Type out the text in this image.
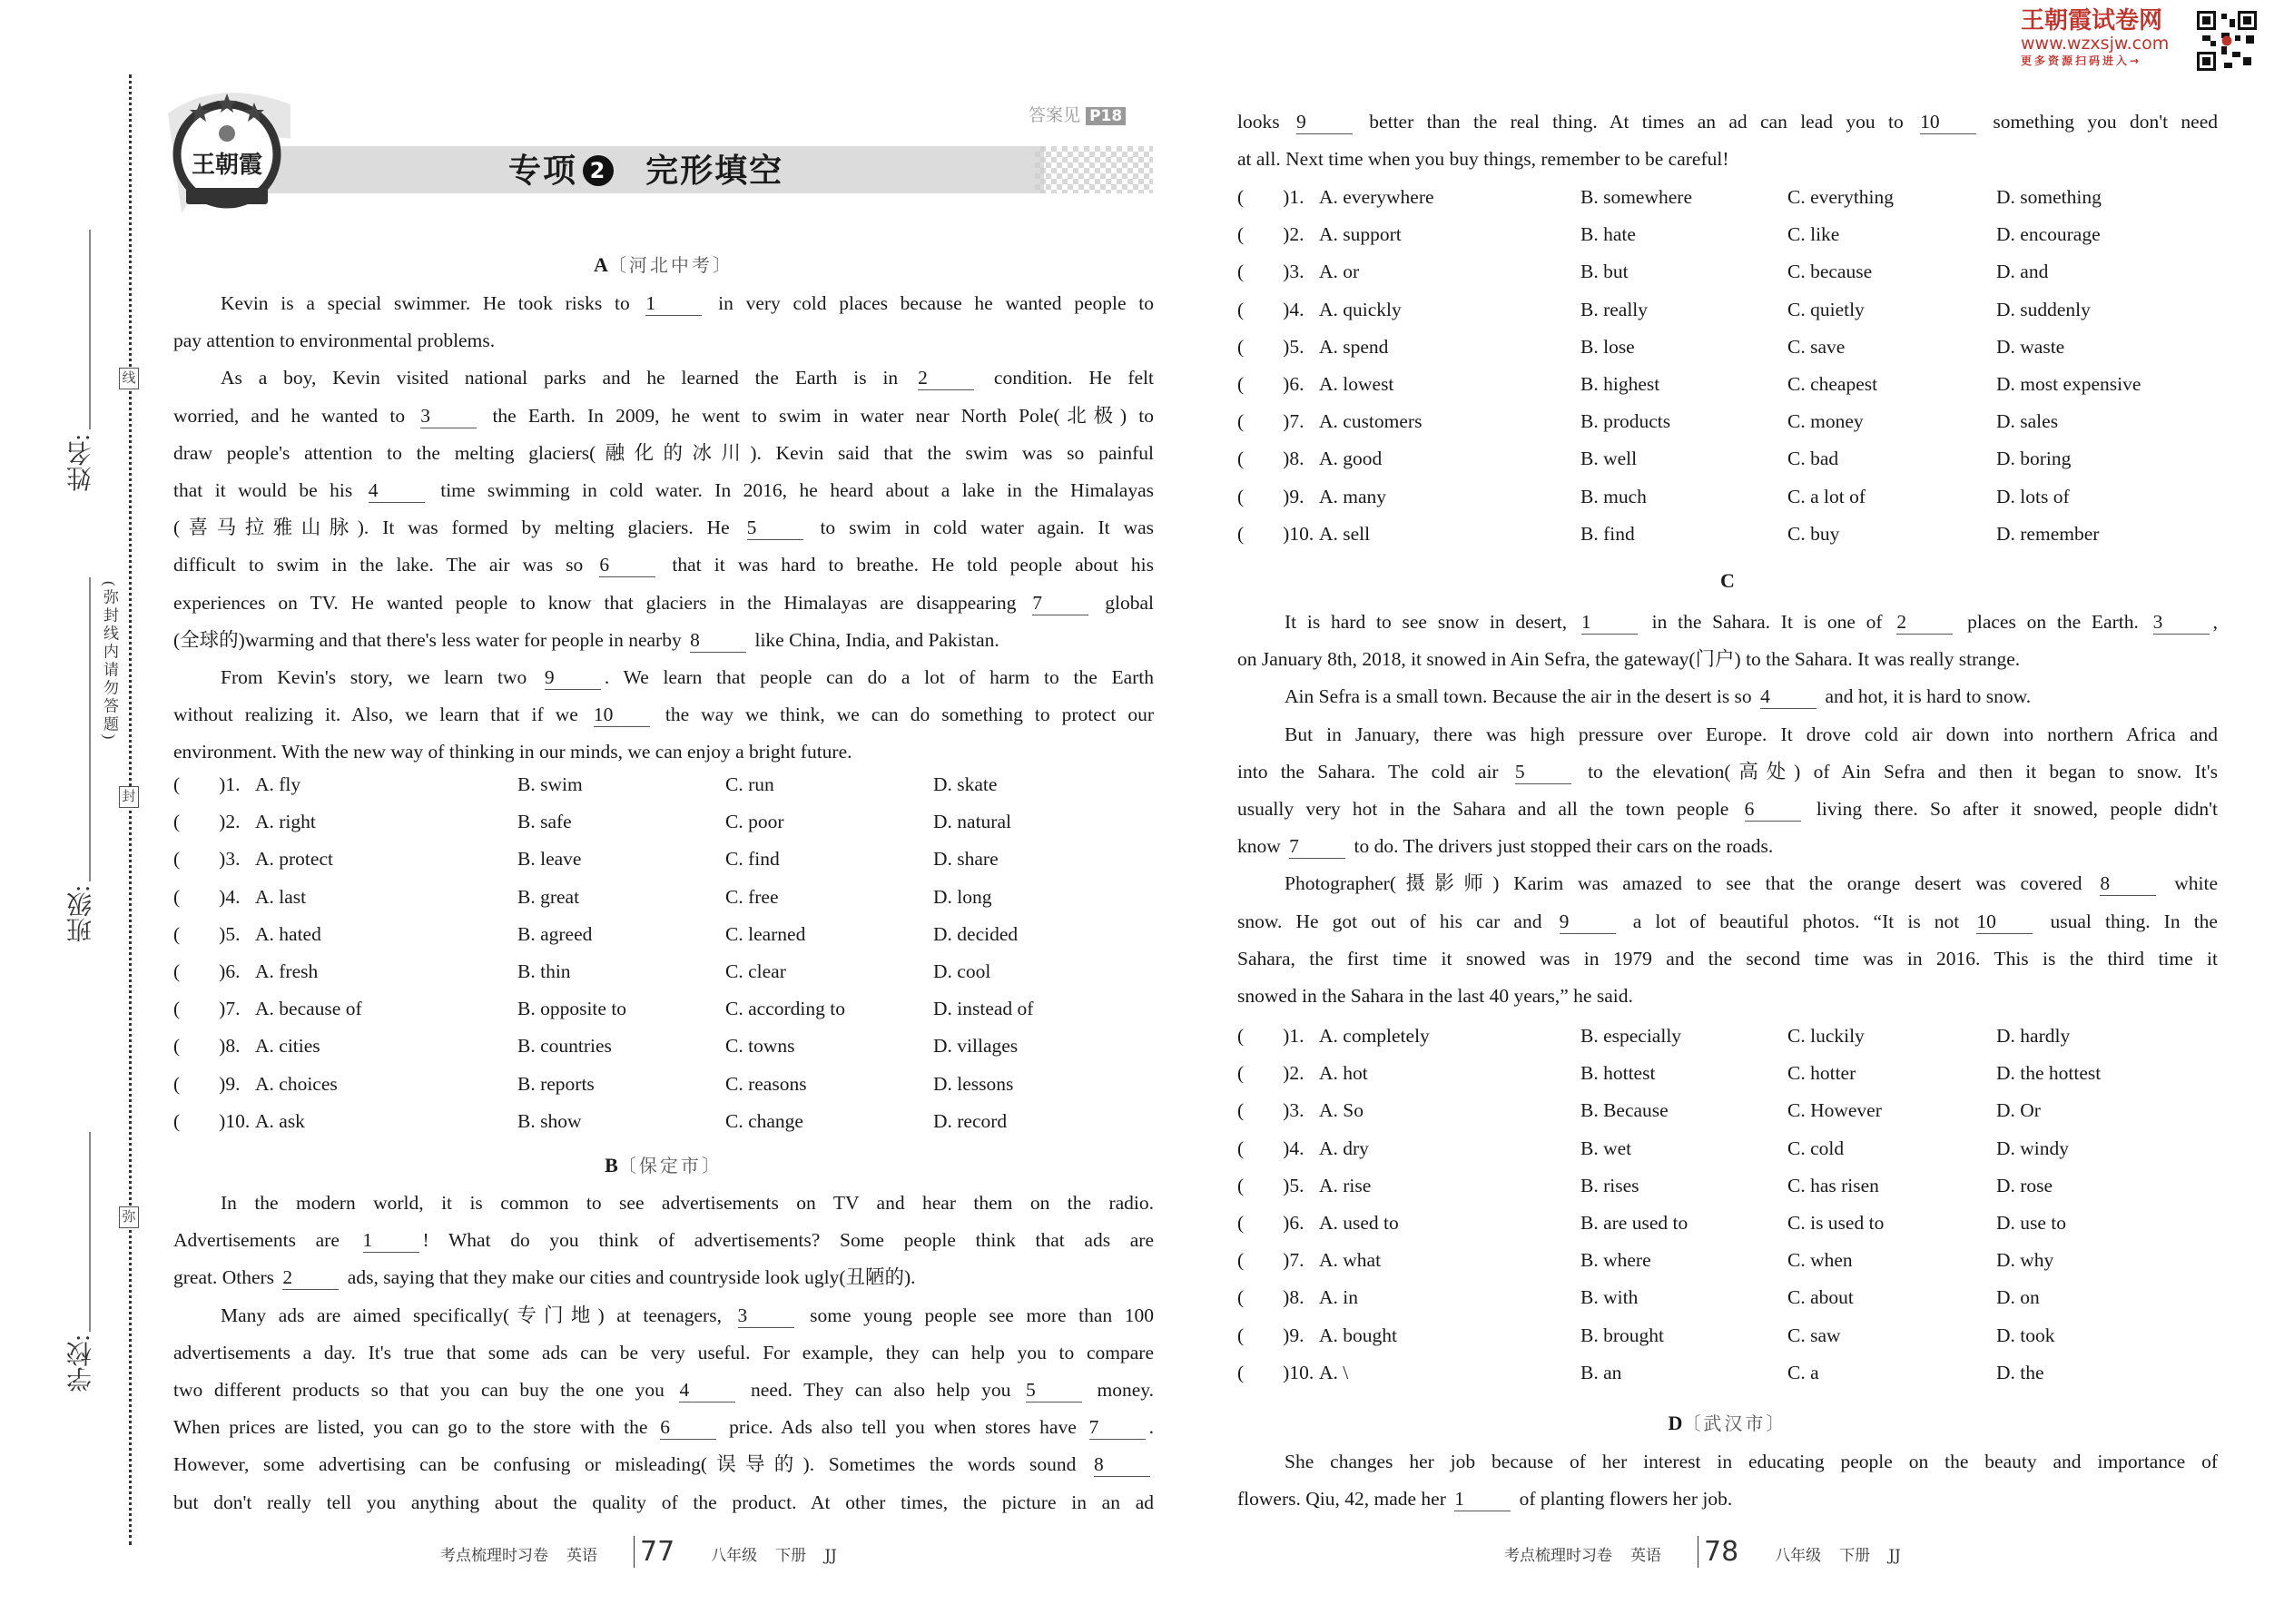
线
封
弥
姓名:
班级:
学校:
(弥封线内请勿答题)
王朝霞
答案见 P18
专项 2 完形填空
王朝霞试卷网
www.wzxsjw.com
更多资源扫码进入→
A〔河北中考〕
Kevin is a special swimmer. He took risks to 1	in very cold places because he wanted people to
pay attention to environmental problems.
As a boy, Kevin visited national parks and he learned the Earth is in 2	condition. He felt
worried, and he wanted to 3	the Earth. In 2009, he went to swim in water near North Pole(北极) to
draw people's attention to the melting glaciers(融化的冰川). Kevin said that the swim was so painful
that it would be his 4	time swimming in cold water. In 2016, he heard about a lake in the Himalayas
(喜马拉雅山脉). It was formed by melting glaciers. He 5	to swim in cold water again. It was
difficult to swim in the lake. The air was so 6	that it was hard to breathe. He told people about his
experiences on TV. He wanted people to know that glaciers in the Himalayas are disappearing 7	global
(全球的)warming and that there's less water for people in nearby 8	like China, India, and Pakistan.
From Kevin's story, we learn two 9	. We learn that people can do a lot of harm to the Earth
without realizing it. Also, we learn that if we 10 the way we think, we can do something to protect our
environment. With the new way of thinking in our minds, we can enjoy a bright future.
(  )1. A. fly	B. swim	C. run	D. skate
(  )2. A. right	B. safe	C. poor	D. natural
(  )3. A. protect	B. leave	C. find	D. share
(  )4. A. last	B. great	C. free	D. long
(  )5. A. hated	B. agreed	C. learned	D. decided
(  )6. A. fresh	B. thin	C. clear	D. cool
(  )7. A. because of	B. opposite to	C. according to	D. instead of
(  )8. A. cities	B. countries	C. towns	D. villages
(  )9. A. choices	B. reports	C. reasons	D. lessons
(  )10. A. ask	B. show	C. change	D. record
B〔保定市〕
In the modern world, it is common to see advertisements on TV and hear them on the radio.
Advertisements are 1	! What do you think of advertisements? Some people think that ads are
great. Others 2	ads, saying that they make our cities and countryside look ugly(丑陋的).
Many ads are aimed specifically(专门地) at teenagers, 3	some young people see more than 100
advertisements a day. It's true that some ads can be very useful. For example, they can help you to compare
two different products so that you can buy the one you 4	need. They can also help you 5	money.
When prices are listed, you can go to the store with the 6	price. Ads also tell you when stores have 7	.
However, some advertising can be confusing or misleading(误导的). Sometimes the words sound 8
but don't really tell you anything about the quality of the product. At other times, the picture in an ad
looks 9	better than the real thing. At times an ad can lead you to 10 something you don't need
at all. Next time when you buy things, remember to be careful!
(  )1. A. everywhere	B. somewhere	C. everything	D. something
(  )2. A. support	B. hate	C. like	D. encourage
(  )3. A. or	B. but	C. because	D. and
(  )4. A. quickly	B. really	C. quietly	D. suddenly
(  )5. A. spend	B. lose	C. save	D. waste
(  )6. A. lowest	B. highest	C. cheapest	D. most expensive
(  )7. A. customers	B. products	C. money	D. sales
(  )8. A. good	B. well	C. bad	D. boring
(  )9. A. many	B. much	C. a lot of	D. lots of
(  )10. A. sell	B. find	C. buy	D. remember
C
It is hard to see snow in desert, 1	in the Sahara. It is one of 2	places on the Earth. 3	,
on January 8th, 2018, it snowed in Ain Sefra, the gateway(门户) to the Sahara. It was really strange.
Ain Sefra is a small town. Because the air in the desert is so 4	and hot, it is hard to snow.
But in January, there was high pressure over Europe. It drove cold air down into northern Africa and
into the Sahara. The cold air 5	to the elevation(高处) of Ain Sefra and then it began to snow. It's
usually very hot in the Sahara and all the town people 6	living there. So after it snowed, people didn't
know 7	to do. The drivers just stopped their cars on the roads.
Photographer(摄影师) Karim was amazed to see that the orange desert was covered 8	white
snow. He got out of his car and 9	a lot of beautiful photos. “It is not 10 usual thing. In the
Sahara, the first time it snowed was in 1979 and the second time was in 2016. This is the third time it
snowed in the Sahara in the last 40 years,” he said.
(  )1. A. completely	B. especially	C. luckily	D. hardly
(  )2. A. hot	B. hottest	C. hotter	D. the hottest
(  )3. A. So	B. Because	C. However	D. Or
(  )4. A. dry	B. wet	C. cold	D. windy
(  )5. A. rise	B. rises	C. has risen	D. rose
(  )6. A. used to	B. are used to	C. is used to	D. use to
(  )7. A. what	B. where	C. when	D. why
(  )8. A. in	B. with	C. about	D. on
(  )9. A. bought	B. brought	C. saw	D. took
(  )10. A. \	B. an	C. a	D. the
D〔武汉市〕
She changes her job because of her interest in educating people on the beauty and importance of
flowers. Qiu, 42, made her 1	of planting flowers her job.
考点梳理时习卷 英语 77 八年级 下册 JJ	考点梳理时习卷 英语 78 八年级 下册 JJ
